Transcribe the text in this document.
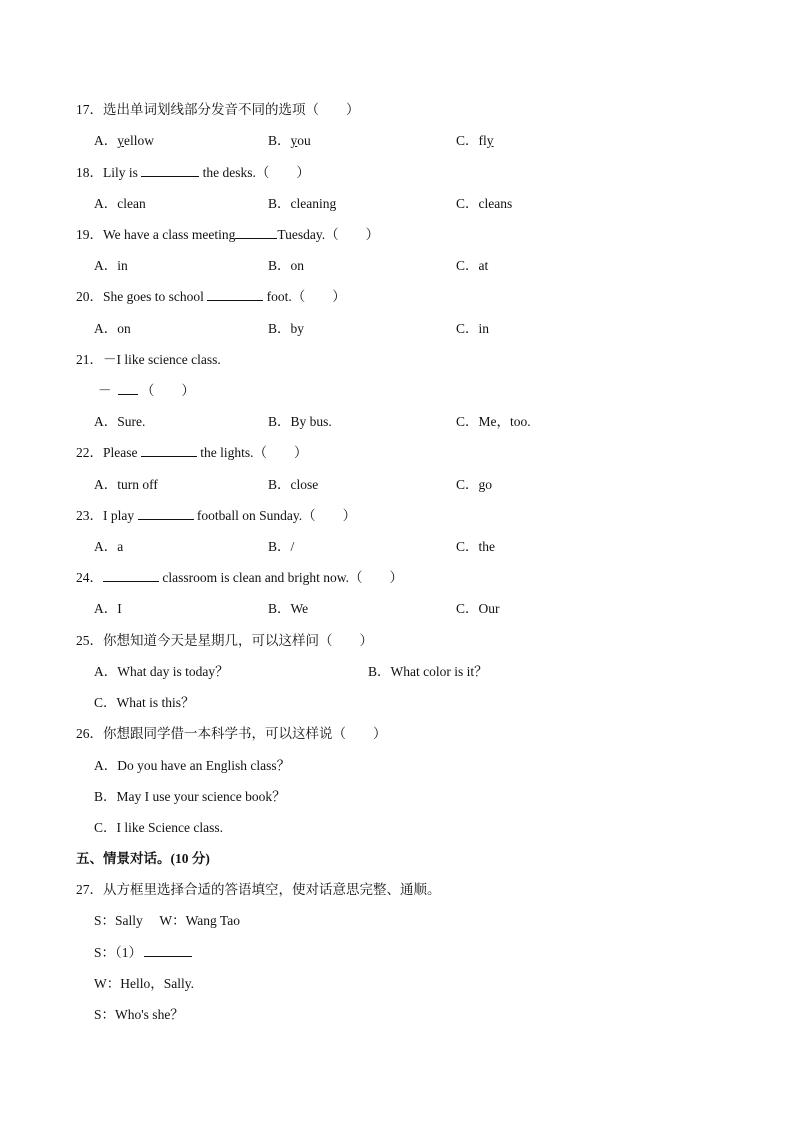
17．选出单词划线部分发音不同的选项（　　）
A．yellow	B．you	C．fly
18．Lily is	the desks.（　　）
A．clean	B．cleaning	C．cleans
19．We have a class meeting	Tuesday.（　　）
A．in	B．on	C．at
20．She goes to school	foot.（　　）
A．on	B．by	C．in
21．－I like science class.
－ （　　）
A．Sure.	B．By bus.	C．Me，too.
22．Please	the lights.（　　）
A．turn off	B．close	C．go
23．I play	football on Sunday.（　　）
A．a	B．/	C．the
24．	classroom is clean and bright now.（　　）
A．I	B．We	C．Our
25．你想知道今天是星期几，可以这样问（　　）
A．What day is today？	B．What color is it？
C．What is this？
26．你想跟同学借一本科学书，可以这样说（　　）
A．Do you have an English class？
B．May I use your science book？
C．I like Science class.
五、情景对话。(10 分)
27．从方框里选择合适的答语填空，使对话意思完整、通顺。
S：Sally　 W：Wang Tao
S：（1）
W：Hello，Sally.
S：Who's she？
